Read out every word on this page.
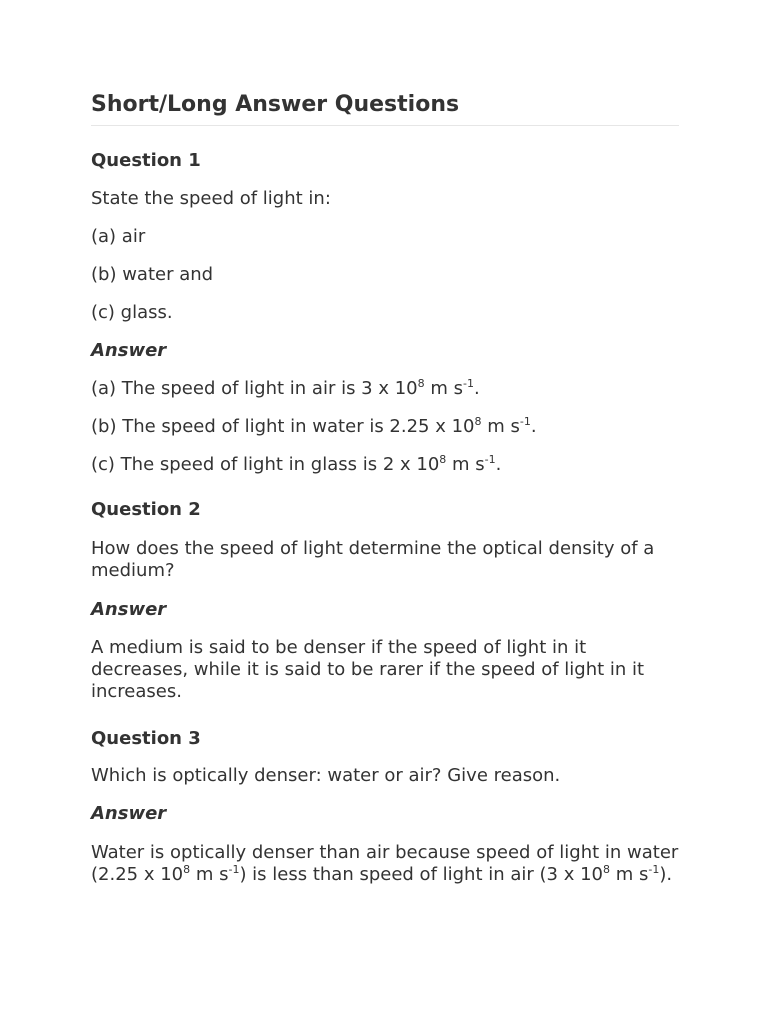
Short/Long Answer Questions
Question 1
State the speed of light in:
(a) air
(b) water and
(c) glass.
Answer
(a) The speed of light in air is 3 x $10^8$ m $s^{-1}$.
(b) The speed of light in water is 2.25 x $10^8$ m $s^{-1}$.
(c) The speed of light in glass is 2 x $10^8$ m $s^{-1}$.
Question 2

How does the speed of light determine the optical density of a medium?

Answer

A medium is said to be denser if the speed of light in it decreases, while it is said to be rarer if the speed of light in it increases.

Question 3
Which is optically denser: water or air? Give reason.
Answer

Water is optically denser than air because speed of light in water (2.25 x $10^8$ m $s^{-1}$) is less than speed of light in air (3 x $10^8$ m $s^{-1}$).
